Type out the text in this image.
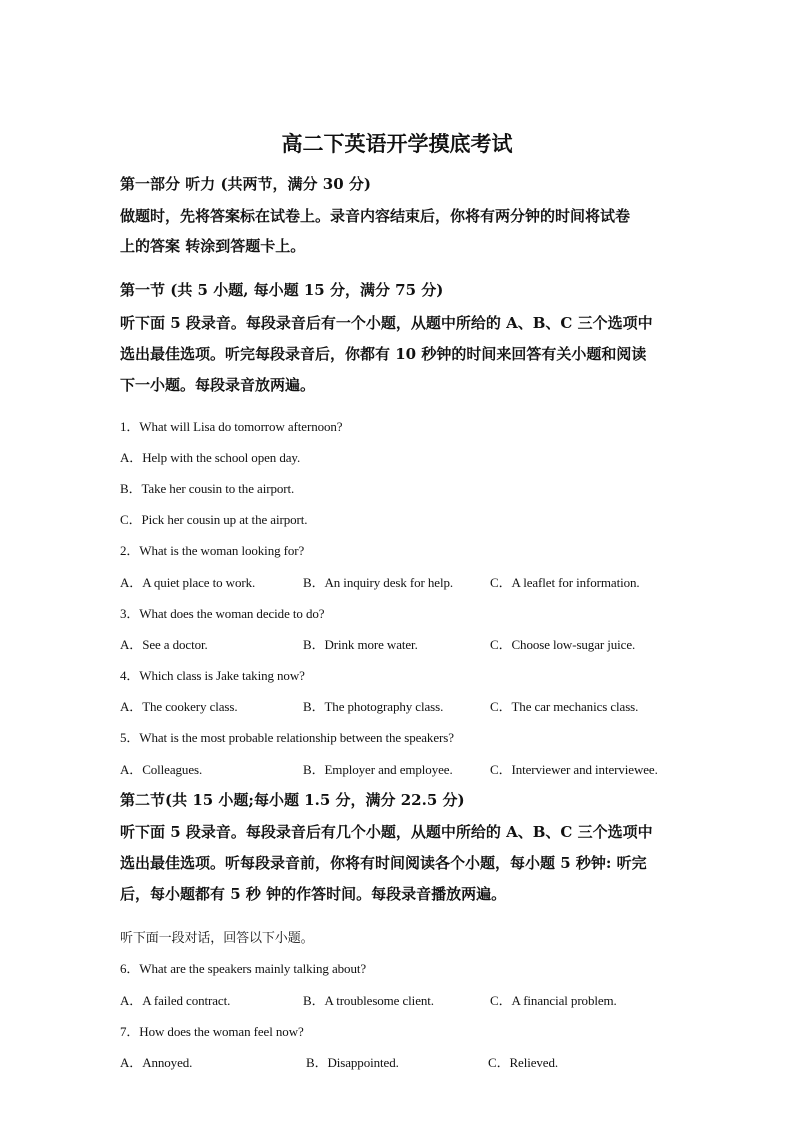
高二下英语开学摸底考试
第一部分 听力 (共两节，满分 30 分)
做题时，先将答案标在试卷上。录音内容结束后，你将有两分钟的时间将试卷
上的答案 转涂到答题卡上。
第一节 (共 5 小题, 每小题 15 分，满分 75 分)
听下面 5 段录音。每段录音后有一个小题，从题中所给的 A、B、C 三个选项中
选出最佳选项。听完每段录音后，你都有 10 秒钟的时间来回答有关小题和阅读
下一小题。每段录音放两遍。
1．What will Lisa do tomorrow afternoon?
A．Help with the school open day.
B．Take her cousin to the airport.
C．Pick her cousin up at the airport.
2．What is the woman looking for?
A．A quiet place to work.	B．An inquiry desk for help.	C．A leaflet for information.
3．What does the woman decide to do?
A．See a doctor.	B．Drink more water.	C．Choose low-sugar juice.
4．Which class is Jake taking now?
A．The cookery class.	B．The photography class.	C．The car mechanics class.
5．What is the most probable relationship between the speakers?
A．Colleagues.	B．Employer and employee.	C．Interviewer and interviewee.
第二节(共 15 小题;每小题 1.5 分，满分 22.5 分)
听下面 5 段录音。每段录音后有几个小题，从题中所给的 A、B、C 三个选项中
选出最佳选项。听每段录音前，你将有时间阅读各个小题，每小题 5 秒钟: 听完
后，每小题都有 5 秒 钟的作答时间。每段录音播放两遍。
听下面一段对话，回答以下小题。
6．What are the speakers mainly talking about?
A．A failed contract.	B．A troublesome client.	C．A financial problem.
7．How does the woman feel now?
A．Annoyed.	B．Disappointed.	C．Relieved.
